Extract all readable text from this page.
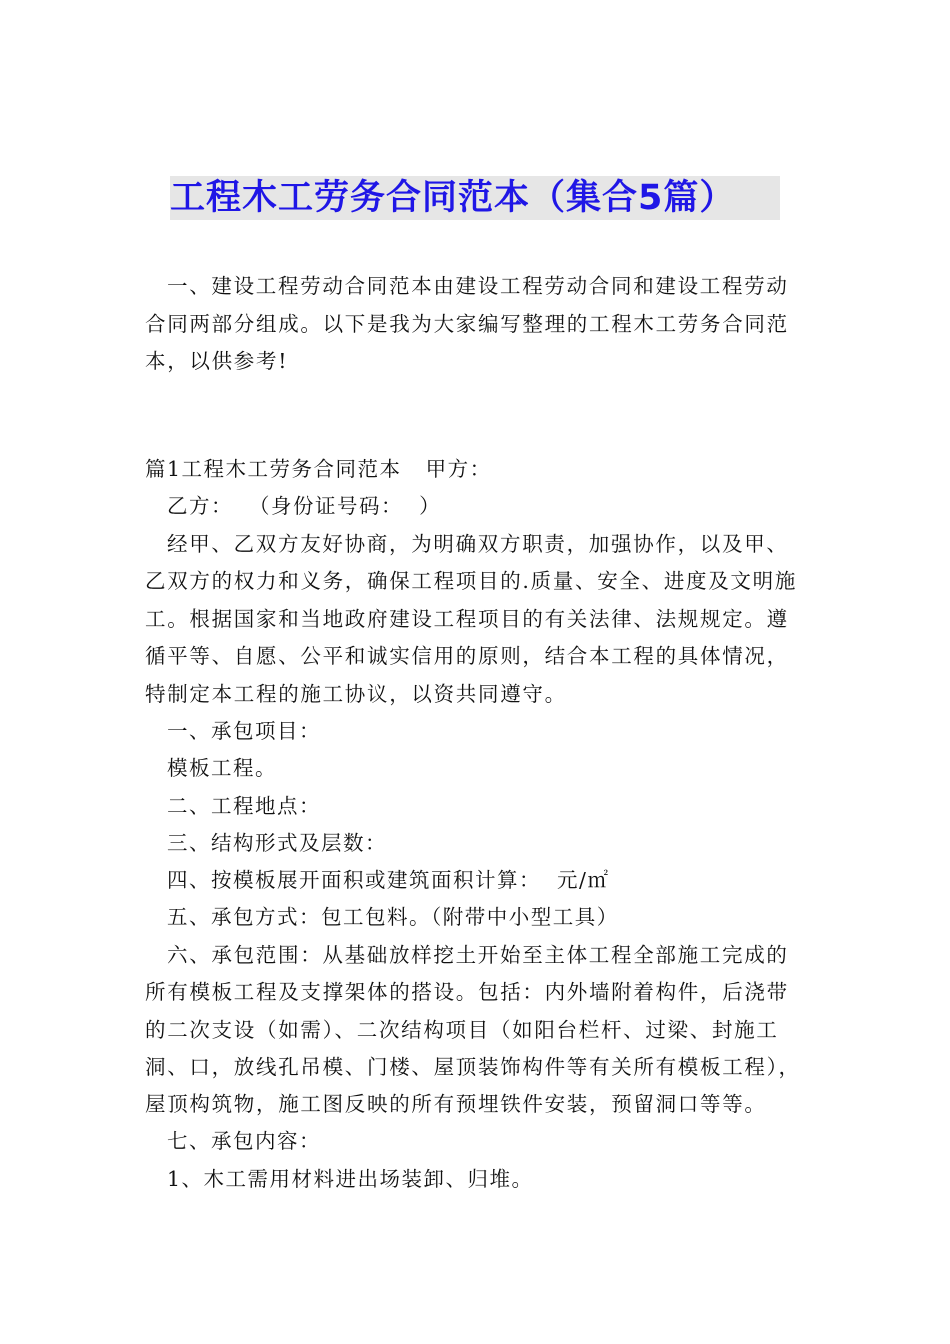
工程木工劳务合同范本（集合5篇）
一、建设工程劳动合同范本由建设工程劳动合同和建设工程劳动
合同两部分组成。以下是我为大家编写整理的工程木工劳务合同范
本，以供参考!
篇1工程木工劳务合同范本   甲方：
乙方：  （身份证号码：  ）
经甲、乙双方友好协商，为明确双方职责，加强协作，以及甲、
乙双方的权力和义务，确保工程项目的.质量、安全、进度及文明施
工。根据国家和当地政府建设工程项目的有关法律、法规规定。遵
循平等、自愿、公平和诚实信用的原则，结合本工程的具体情况，
特制定本工程的施工协议，以资共同遵守。
一、承包项目：
模板工程。
二、工程地点：
三、结构形式及层数：
四、按模板展开面积或建筑面积计算：  元/㎡
五、承包方式：包工包料。（附带中小型工具）
六、承包范围：从基础放样挖土开始至主体工程全部施工完成的
所有模板工程及支撑架体的搭设。包括：内外墙附着构件，后浇带
的二次支设（如需）、二次结构项目（如阳台栏杆、过梁、封施工
洞、口，放线孔吊模、门楼、屋顶装饰构件等有关所有模板工程），
屋顶构筑物，施工图反映的所有预埋铁件安装，预留洞口等等。
七、承包内容：
1、木工需用材料进出场装卸、归堆。
